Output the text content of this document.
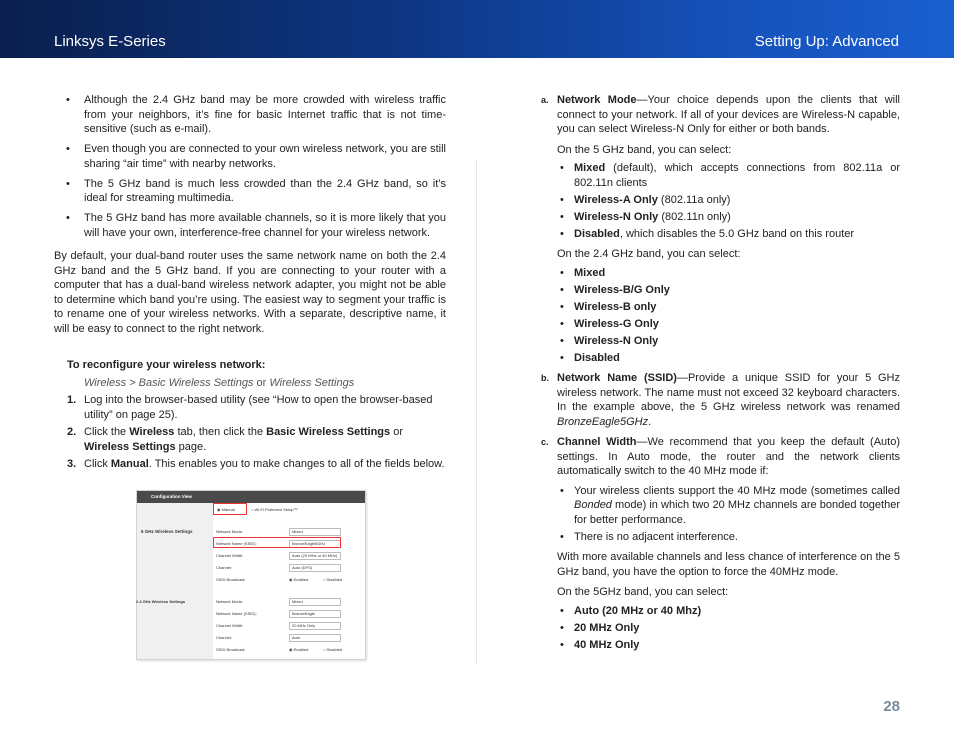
Linksys E-Series	Setting Up: Advanced
• Although the 2.4 GHz band may be more crowded with wireless traffic from your neighbors, it’s fine for basic Internet traffic that is not time-sensitive (such as e-mail).
• Even though you are connected to your own wireless network, you are still sharing “air time” with nearby networks.
• The 5 GHz band is much less crowded than the 2.4 GHz band, so it’s ideal for streaming multimedia.
• The 5 GHz band has more available channels, so it is more likely that you will have your own, interference-free channel for your wireless network.
By default, your dual-band router uses the same network name on both the 2.4 GHz band and the 5 GHz band. If you are connecting to your router with a computer that has a dual-band wireless network adapter, you might not be able to determine which band you’re using. The easiest way to segment your traffic is to rename one of your wireless networks. With a separate, descriptive name, it will be easy to connect to the right network.
To reconfigure your wireless network:
Wireless > Basic Wireless Settings or Wireless Settings
1. Log into the browser-based utility (see “How to open the browser-based utility” on page 25).
2. Click the Wireless tab, then click the Basic Wireless Settings or Wireless Settings page.
3. Click Manual. This enables you to make changes to all of the fields below.
Configuration View
◉ Manual	○ Wi-Fi Protected Setup™
5 GHz Wireless Settings	Network Mode:	Mixed
Network Name (SSID):	BronzeEagle5GHz
Channel Width:	Auto (20 MHz or 40 MHz)
Channel:	Auto (DFS)
SSID Broadcast:	◉ Enabled	○ Disabled
2.4 GHz Wireless Settings	Network Mode:	Mixed
Network Name (SSID):	BronzeEagle
Channel Width:	20 MHz Only
Channel:	Auto
SSID Broadcast:	◉ Enabled	○ Disabled
a. Network Mode—Your choice depends upon the clients that will connect to your network. If all of your devices are Wireless-N capable, you can select Wireless-N Only for either or both bands.
On the 5 GHz band, you can select:
• Mixed (default), which accepts connections from 802.11a or 802.11n clients
• Wireless-A Only (802.11a only)
• Wireless-N Only (802.11n only)
• Disabled, which disables the 5.0 GHz band on this router
On the 2.4 GHz band, you can select:
• Mixed
• Wireless-B/G Only
• Wireless-B only
• Wireless-G Only
• Wireless-N Only
• Disabled
b. Network Name (SSID)—Provide a unique SSID for your 5 GHz wireless network. The name must not exceed 32 keyboard characters. In the example above, the 5 GHz wireless network was renamed BronzeEagle5GHz.
c. Channel Width—We recommend that you keep the default (Auto) settings. In Auto mode, the router and the network clients automatically switch to the 40 MHz mode if:
• Your wireless clients support the 40 MHz mode (sometimes called Bonded mode) in which two 20 MHz channels are bonded together for better performance.
• There is no adjacent interference.
With more available channels and less chance of interference on the 5 GHz band, you have the option to force the 40MHz mode.
On the 5GHz band, you can select:
• Auto (20 MHz or 40 Mhz)
• 20 MHz Only
• 40 MHz Only
28
